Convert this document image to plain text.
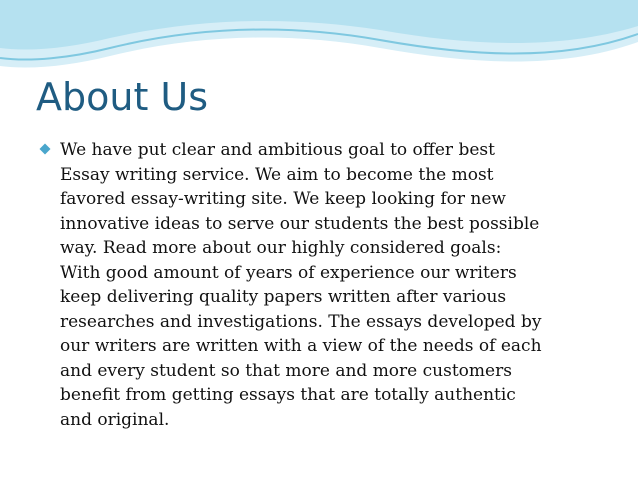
About Us
We have put clear and ambitious goal to offer best
Essay writing service. We aim to become the most
favored essay-writing site. We keep looking for new
innovative ideas to serve our students the best possible
way. Read more about our highly considered goals:
With good amount of years of experience our writers
keep delivering quality papers written after various
researches and investigations. The essays developed by
our writers are written with a view of the needs of each
and every student so that more and more customers
benefit from getting essays that are totally authentic
and original.
